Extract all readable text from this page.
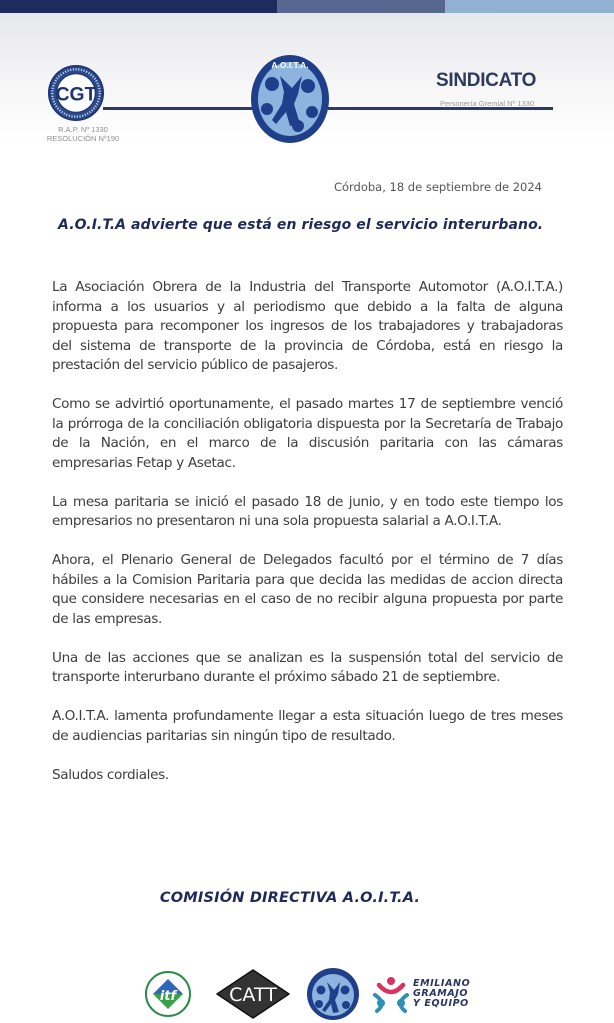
CGT
R.A.P. Nº 1330
RESOLUCIÓN Nº190
A.O.I.T.A.
SINDICATO
Personería Gremial Nº 1330
Córdoba, 18 de septiembre de 2024
A.O.I.T.A advierte que está en riesgo el servicio interurbano.

La Asociación Obrera de la Industria del Transporte Automotor (A.O.I.T.A.) informa a los usuarios y al periodismo que debido a la falta de alguna propuesta para recomponer los ingresos de los trabajadores y trabajadoras del sistema de transporte de la provincia de Córdoba, está en riesgo la prestación del servicio público de pasajeros.

Como se advirtió oportunamente, el pasado martes 17 de septiembre venció la prórroga de la conciliación obligatoria dispuesta por la Secretaría de Trabajo de la Nación, en el marco de la discusión paritaria con las cámaras empresarias Fetap y Asetac.

La mesa paritaria se inició el pasado 18 de junio, y en todo este tiempo los empresarios no presentaron ni una sola propuesta salarial a A.O.I.T.A.

Ahora, el Plenario General de Delegados facultó por el término de 7 días hábiles a la Comision Paritaria para que decida las medidas de accion directa que considere necesarias en el caso de no recibir alguna propuesta por parte de las empresas.

Una de las acciones que se analizan es la suspensión total del servicio de transporte interurbano durante el próximo sábado 21 de septiembre.

A.O.I.T.A. lamenta profundamente llegar a esta situación luego de tres meses de audiencias paritarias sin ningún tipo de resultado.

Saludos cordiales.

COMISIÓN DIRECTIVA A.O.I.T.A.
itf	CATT
EMILIANO
GRAMAJO
Y EQUIPO
